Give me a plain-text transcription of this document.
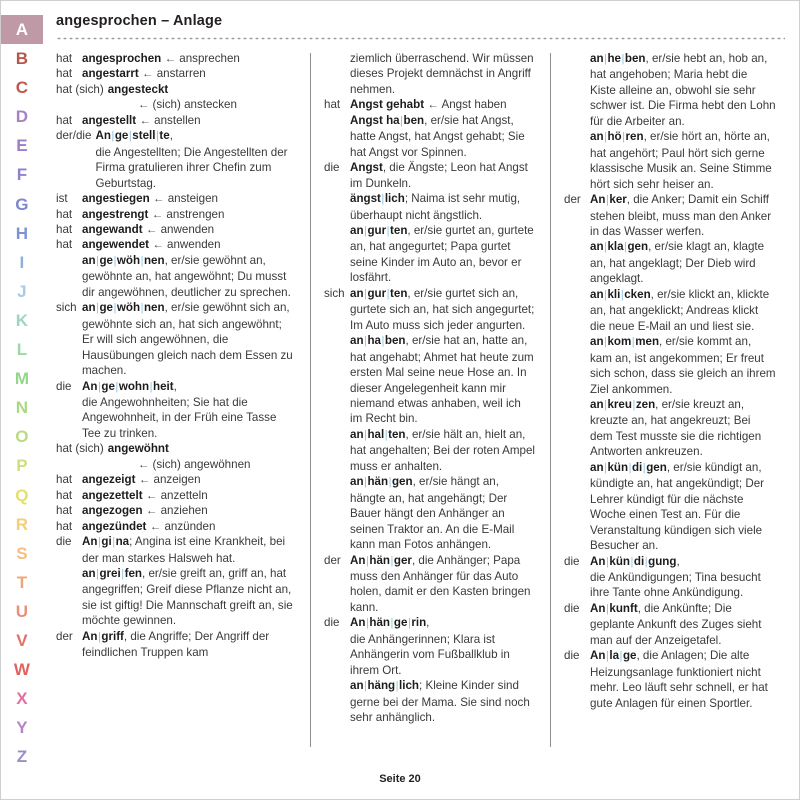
A
B
C
D
E
F
G
H
I
J
K
L
M
N
O
P
Q
R
S
T
U
V
W
X
Y
Z
angesprochen – Anlage
hat angesprochen ← ansprechen
hat angestarrt ← anstarren
hat (sich) angesteckt
← (sich) anstecken
hat angestellt ← anstellen
der/die An|ge|stell|te,
die Angestellten; Die Angestellten der Firma gratulieren ihrer Chefin zum Geburtstag.
ist	angestiegen ← ansteigen
hat angestrengt ← anstrengen
hat angewandt ← anwenden
hat angewendet ← anwenden
an|ge|wöh|nen, er/sie gewöhnt an, gewöhnte an, hat angewöhnt; Du musst dir angewöhnen, deutlicher zu sprechen.
sich an|ge|wöh|nen, er/sie gewöhnt sich an, gewöhnte sich an, hat sich angewöhnt; Er will sich angewöhnen, die Hausübungen gleich nach dem Essen zu machen.
die An|ge|wohn|heit,
die Angewohnheiten; Sie hat die Angewohnheit, in der Früh eine Tasse Tee zu trinken.
hat (sich) angewöhnt
← (sich) angewöhnen
hat angezeigt ← anzeigen
hat angezettelt ← anzetteln
hat angezogen ← anziehen
hat angezündet ← anzünden
die An|gi|na; Angina ist eine Krankheit, bei der man starkes Halsweh hat.
an|grei|fen, er/sie greift an, griff an, hat angegriffen; Greif diese Pflanze nicht an, sie ist giftig! Die Mannschaft greift an, sie möchte gewinnen.
der An|griff, die Angriffe; Der Angriff der feindlichen Truppen kam
ziemlich überraschend. Wir müssen dieses Projekt demnächst in Angriff nehmen.
hat Angst gehabt ← Angst haben
Angst ha|ben, er/sie hat Angst, hatte Angst, hat Angst gehabt; Sie hat Angst vor Spinnen.
die Angst, die Ängste; Leon hat Angst im Dunkeln.
ängst|lich; Naima ist sehr mutig, überhaupt nicht ängstlich.
an|gur|ten, er/sie gurtet an, gurtete an, hat angegurtet; Papa gurtet seine Kinder im Auto an, bevor er losfährt.
sich an|gur|ten, er/sie gurtet sich an, gurtete sich an, hat sich angegurtet; Im Auto muss sich jeder angurten.
an|ha|ben, er/sie hat an, hatte an, hat angehabt; Ahmet hat heute zum ersten Mal seine neue Hose an. In dieser Angelegenheit kann mir niemand etwas anhaben, weil ich im Recht bin.
an|hal|ten, er/sie hält an, hielt an, hat angehalten; Bei der roten Ampel muss er anhalten.
an|hän|gen, er/sie hängt an, hängte an, hat angehängt; Der Bauer hängt den Anhänger an seinen Traktor an. An die E-Mail kann man Fotos anhängen.
der An|hän|ger, die Anhänger; Papa muss den Anhänger für das Auto holen, damit er den Kasten bringen kann.
die An|hän|ge|rin,
die Anhängerinnen; Klara ist Anhängerin vom Fußballklub in ihrem Ort.
an|häng|lich; Kleine Kinder sind gerne bei der Mama. Sie sind noch sehr anhänglich.
an|he|ben, er/sie hebt an, hob an, hat angehoben; Maria hebt die Kiste alleine an, obwohl sie sehr schwer ist. Die Firma hebt den Lohn für die Arbeiter an.
an|hö|ren, er/sie hört an, hörte an, hat angehört; Paul hört sich gerne klassische Musik an. Seine Stimme hört sich sehr heiser an.
der An|ker, die Anker; Damit ein Schiff stehen bleibt, muss man den Anker in das Wasser werfen.
an|kla|gen, er/sie klagt an, klagte an, hat angeklagt; Der Dieb wird angeklagt.
an|kli|cken, er/sie klickt an, klickte an, hat angeklickt; Andreas klickt die neue E-Mail an und liest sie.
an|kom|men, er/sie kommt an, kam an, ist angekommen; Er freut sich schon, dass sie gleich an ihrem Ziel ankommen.
an|kreu|zen, er/sie kreuzt an, kreuzte an, hat angekreuzt; Bei dem Test musste sie die richtigen Antworten ankreuzen.
an|kün|di|gen, er/sie kündigt an, kündigte an, hat angekündigt; Der Lehrer kündigt für die nächste Woche einen Test an. Für die Veranstaltung kündigen sich viele Besucher an.
die An|kün|di|gung,
die Ankündigungen; Tina besucht ihre Tante ohne Ankündigung.
die An|kunft, die Ankünfte; Die geplante Ankunft des Zuges sieht man auf der Anzeigetafel.
die An|la|ge, die Anlagen; Die alte Heizungsanlage funktioniert nicht mehr. Leo läuft sehr schnell, er hat gute Anlagen für einen Sportler.
Seite 20
